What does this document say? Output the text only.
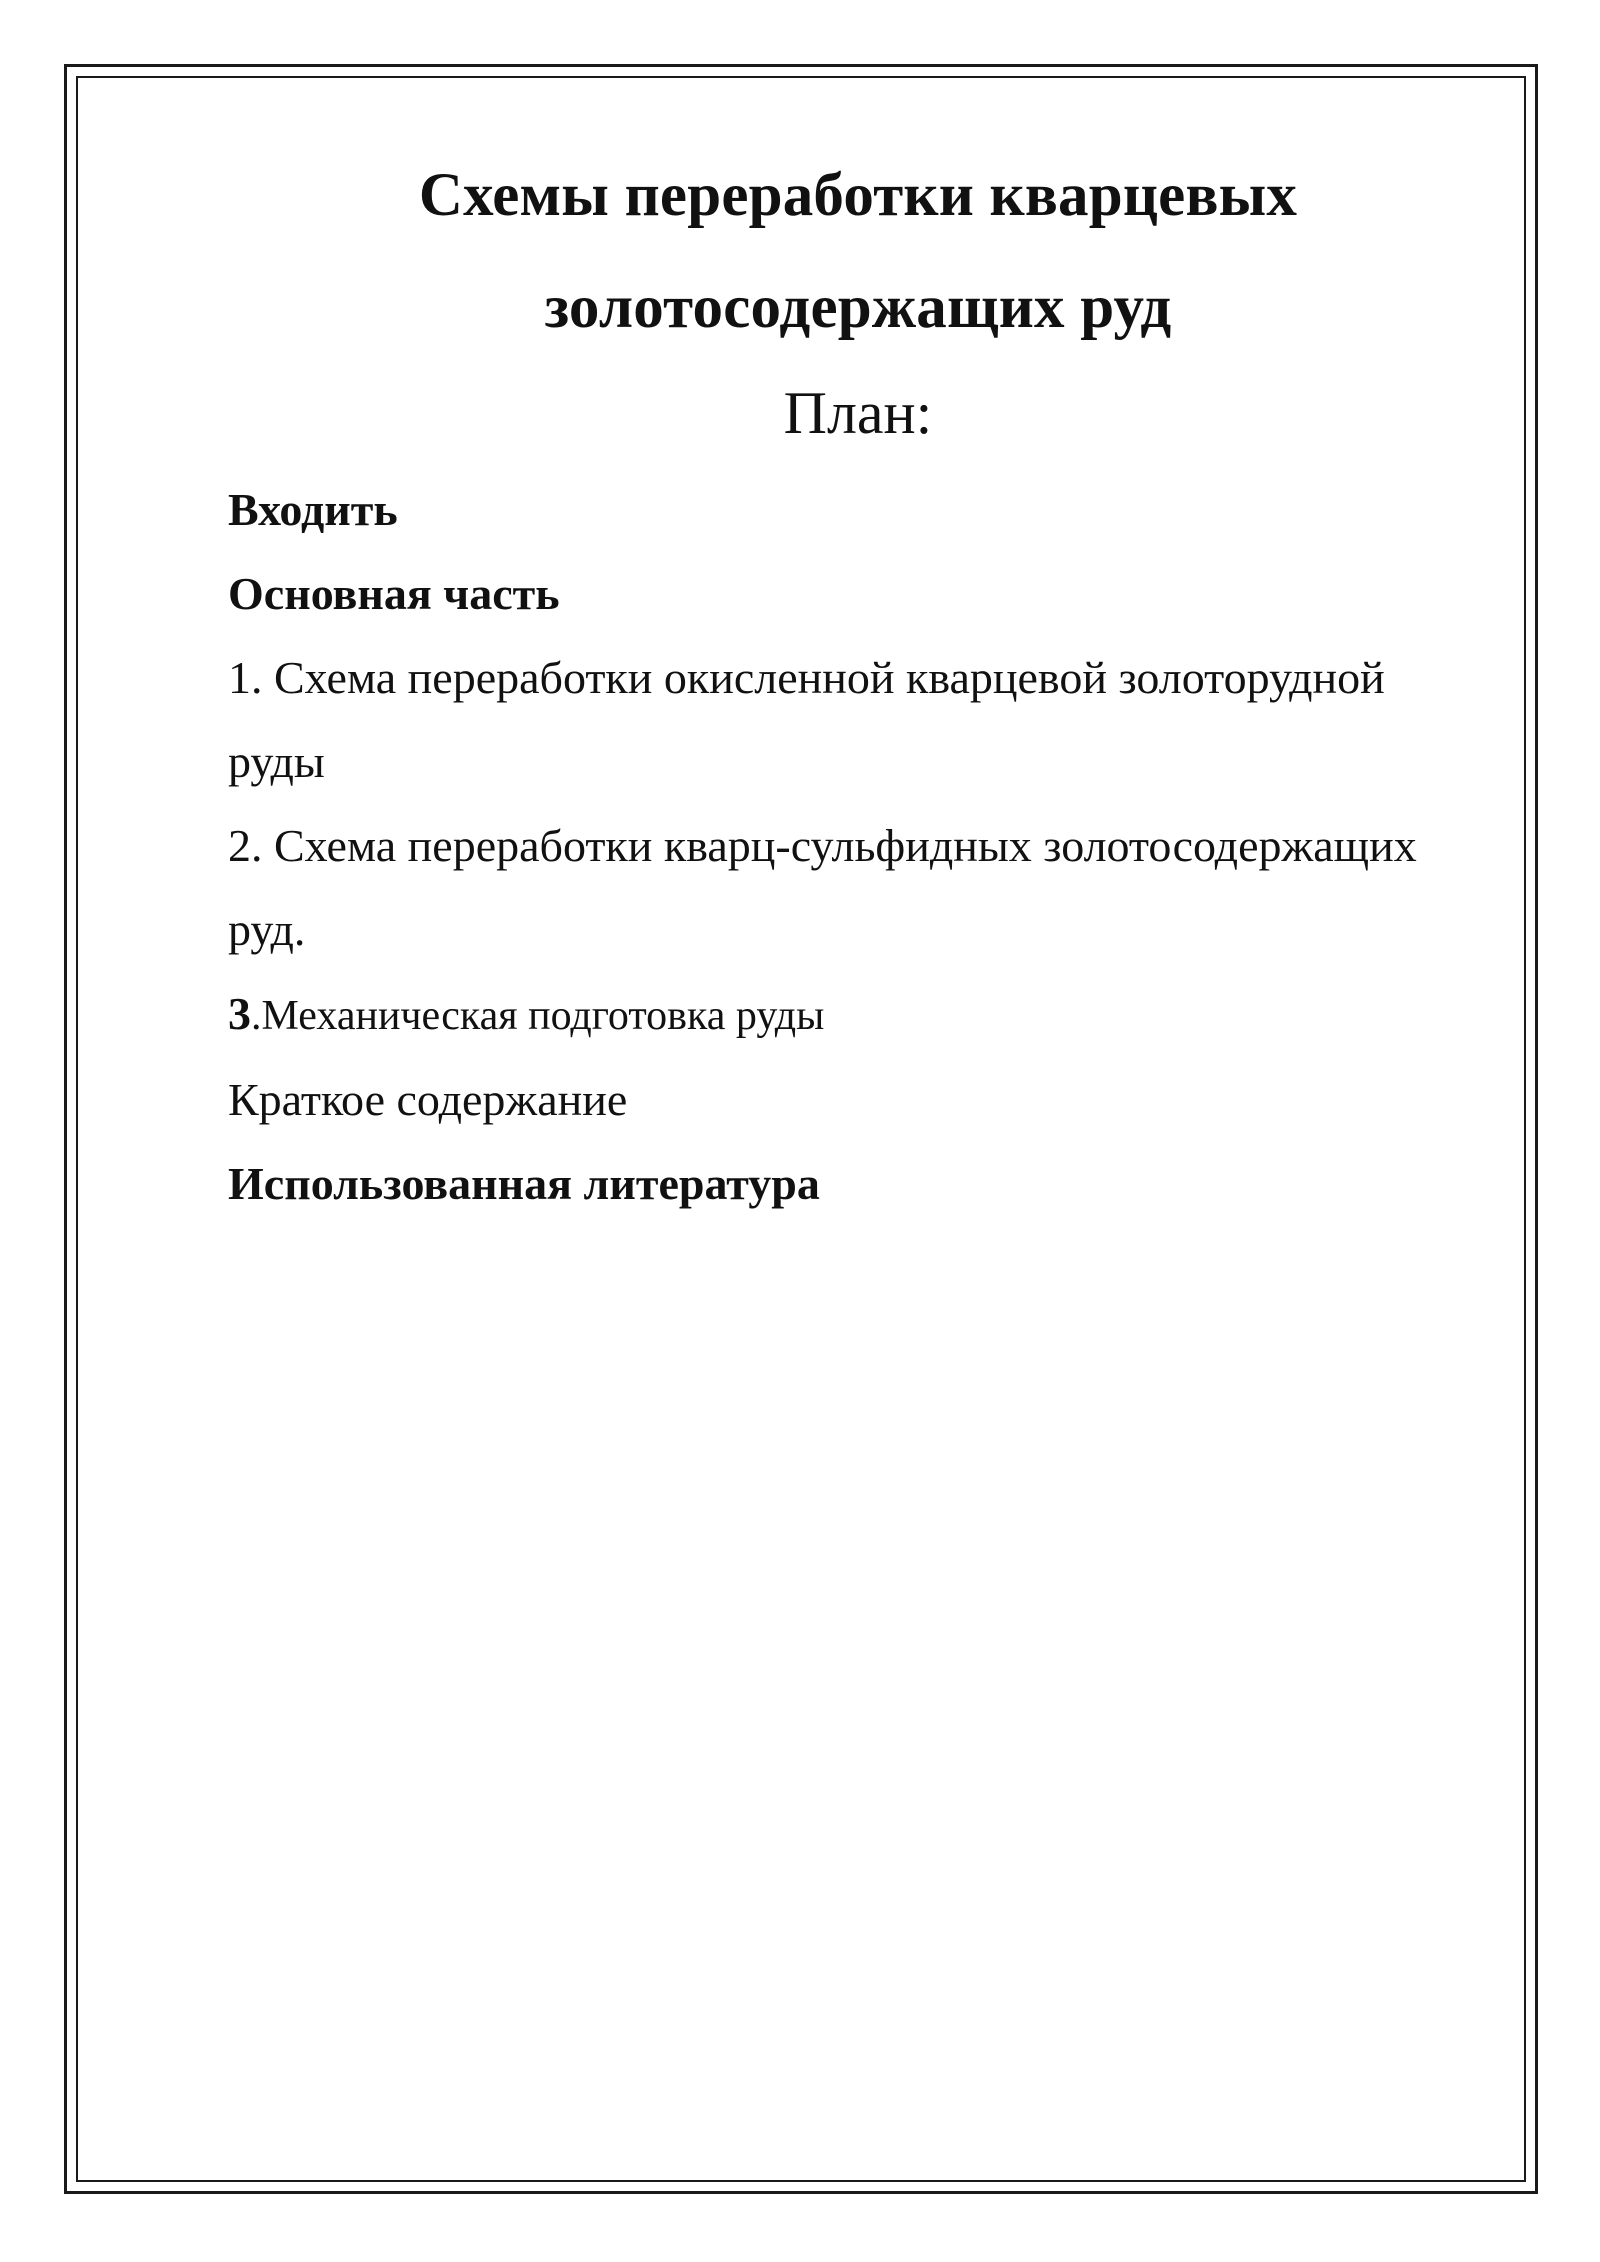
Схемы переработки кварцевых золотосодержащих руд
План:
Входить
Основная часть
1. Схема переработки окисленной кварцевой золоторудной руды
2. Схема переработки кварц-сульфидных золотосодержащих руд.
3.Механическая подготовка руды
Краткое содержание
Использованная литература
